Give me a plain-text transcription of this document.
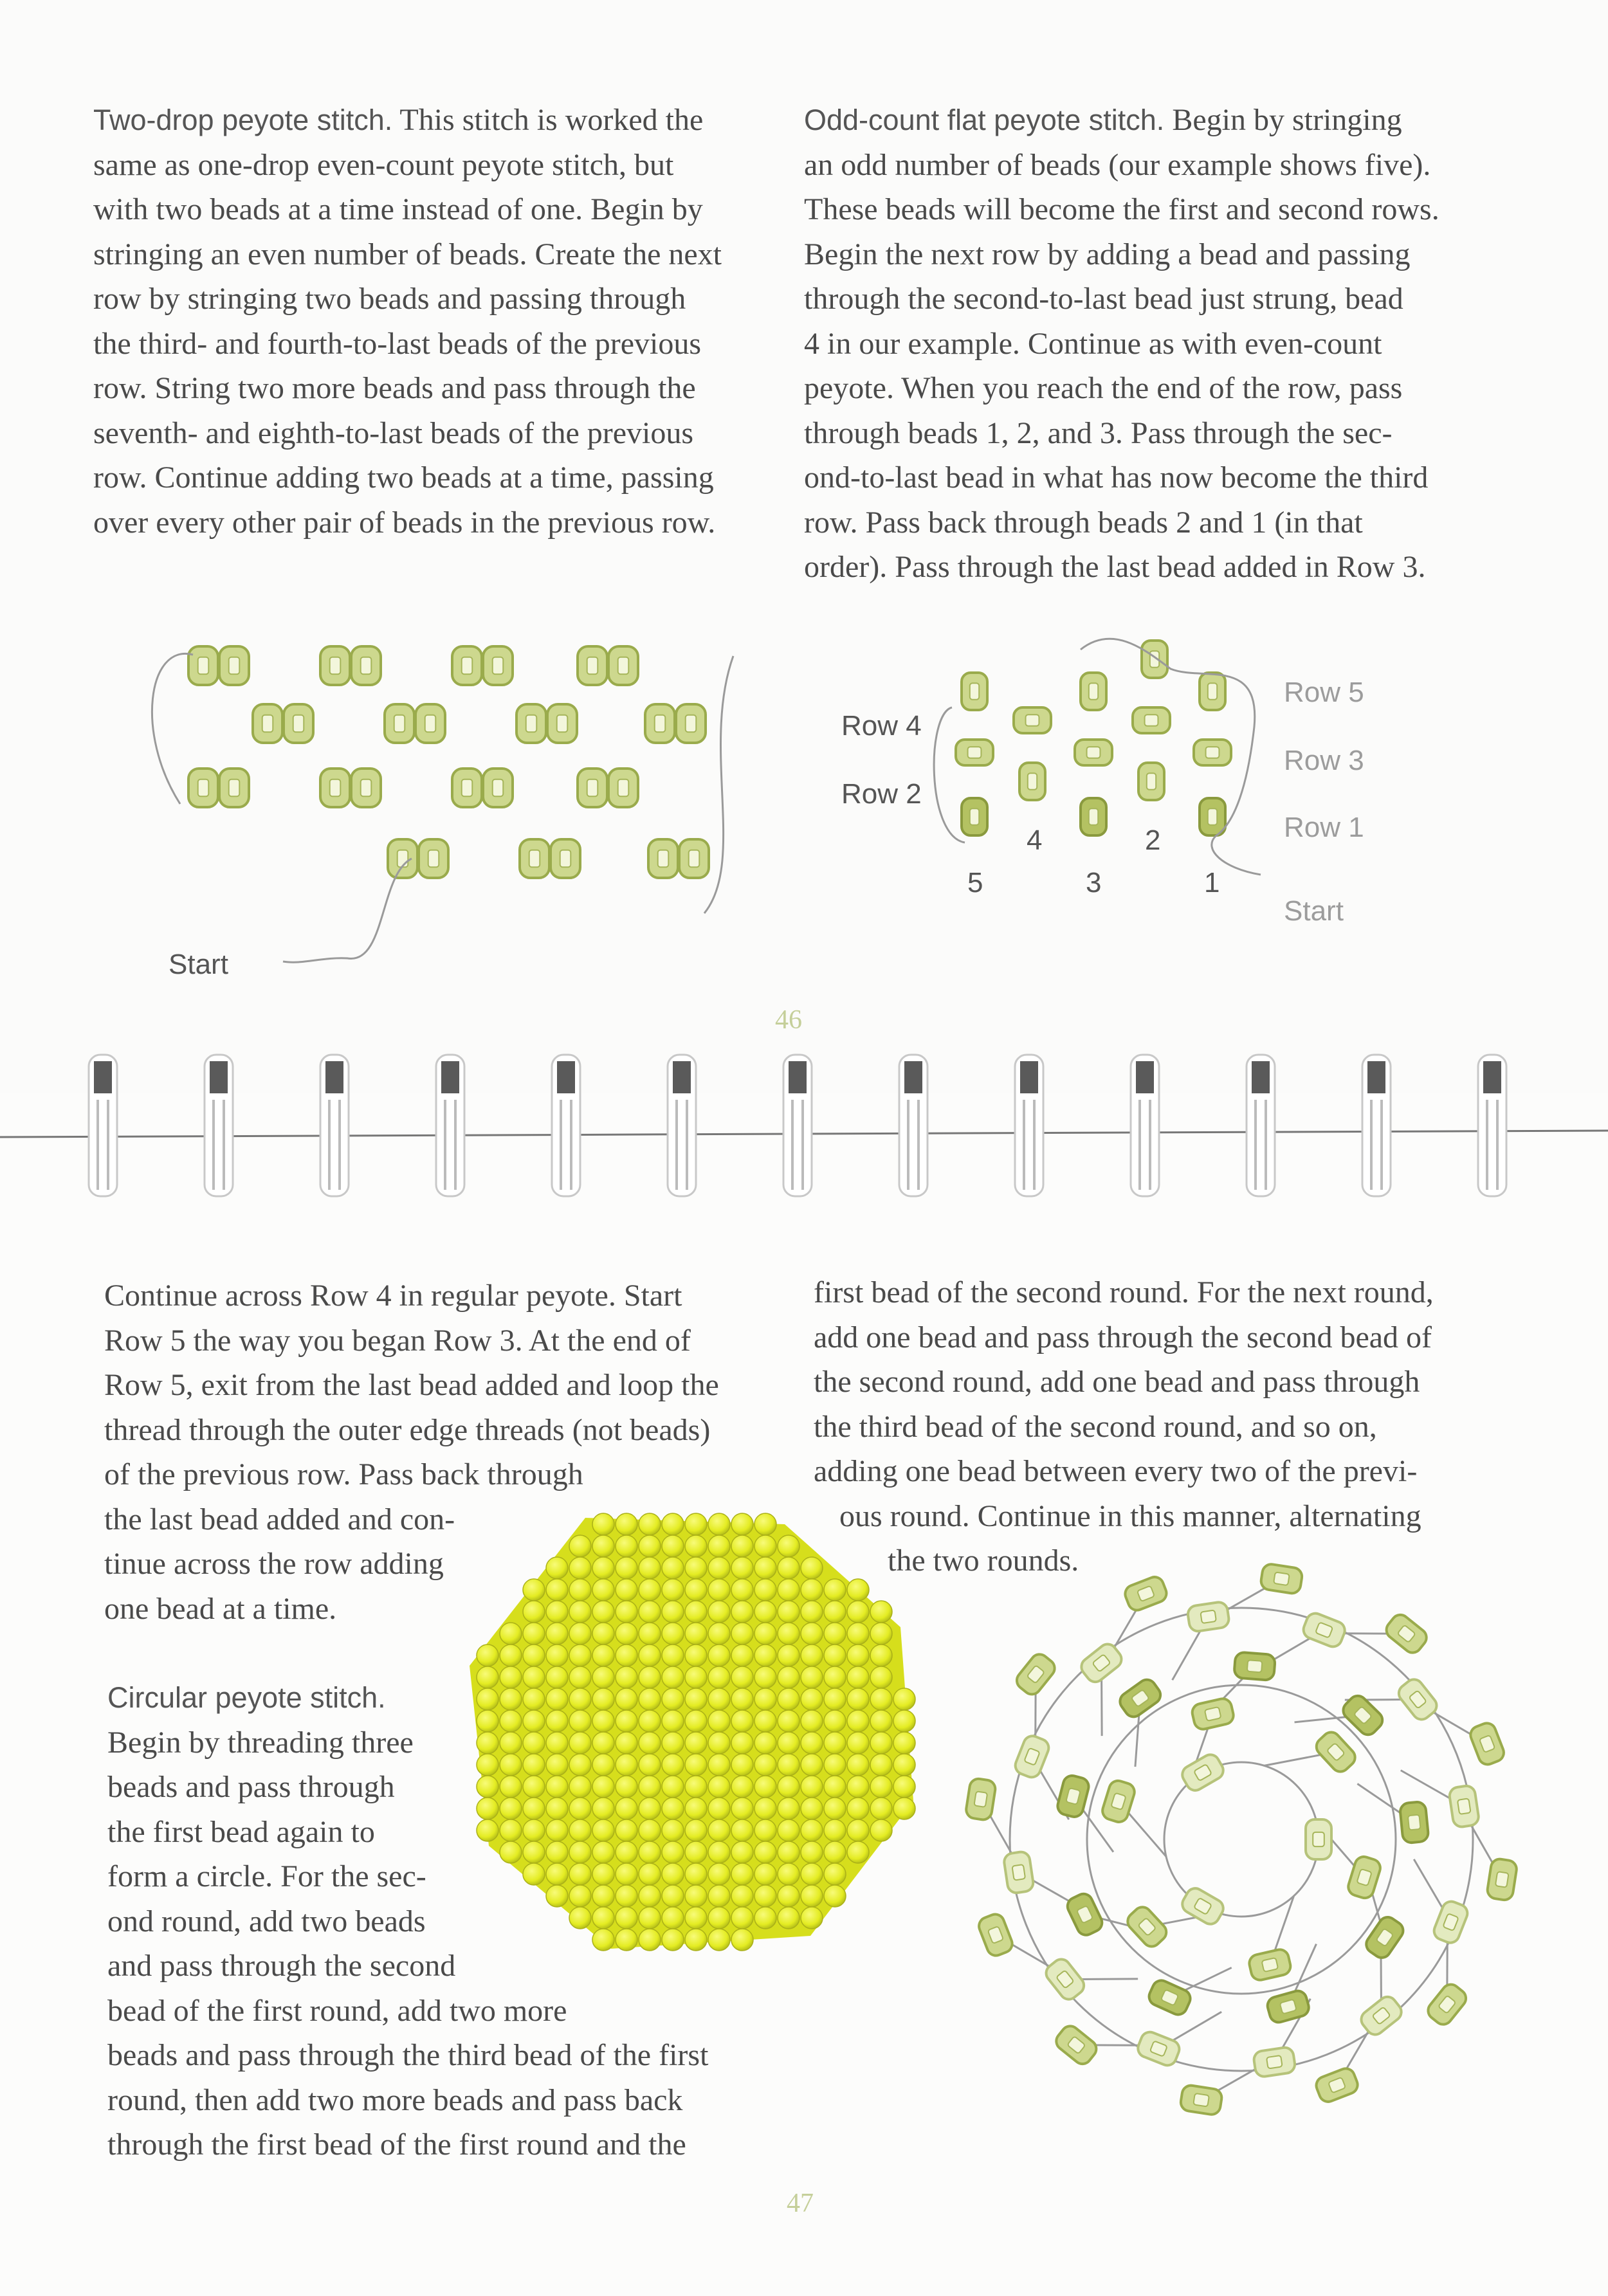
Two-drop peyote stitch. This stitch is worked the
same as one-drop even-count peyote stitch, but
with two beads at a time instead of one. Begin by
stringing an even number of beads. Create the next
row by stringing two beads and passing through
the third- and fourth-to-last beads of the previous
row. String two more beads and pass through the
seventh- and eighth-to-last beads of the previous
row. Continue adding two beads at a time, passing
over every other pair of beads in the previous row.
Odd-count flat peyote stitch. Begin by stringing
an odd number of beads (our example shows five).
These beads will become the first and second rows.
Begin the next row by adding a bead and passing
through the second-to-last bead just strung, bead
4 in our example. Continue as with even-count
peyote. When you reach the end of the row, pass
through beads 1, 2, and 3. Pass through the sec-
ond-to-last bead in what has now become the third
row. Pass back through beads 2 and 1 (in that
order). Pass through the last bead added in Row 3.
Start
Row 4
Row 2
Row 5
Row 3
Row 1
5
4
3
2
1
Start
46
Continue across Row 4 in regular peyote. Start
Row 5 the way you began Row 3. At the end of
Row 5, exit from the last bead added and loop the
thread through the outer edge threads (not beads)
of the previous row. Pass back through
the last bead added and con-
tinue across the row adding
one bead at a time.
Circular peyote stitch.
Begin by threading three
beads and pass through
the first bead again to
form a circle. For the sec-
ond round, add two beads
and pass through the second
bead of the first round, add two more
beads and pass through the third bead of the first
round, then add two more beads and pass back
through the first bead of the first round and the
first bead of the second round. For the next round,
add one bead and pass through the second bead of
the second round, add one bead and pass through
the third bead of the second round, and so on,
adding one bead between every two of the previ-
ous round. Continue in this manner, alternating
the two rounds.
47
